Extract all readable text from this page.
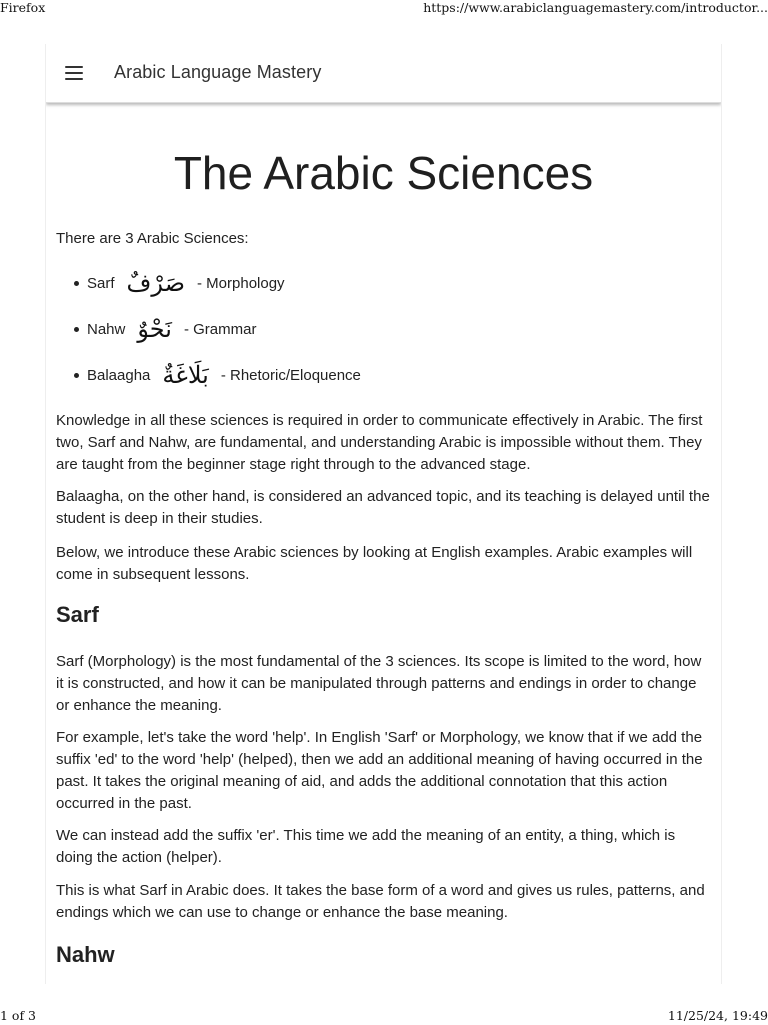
Firefox	https://www.arabiclanguagemastery.com/introductor...
Arabic Language Mastery
The Arabic Sciences

There are 3 Arabic Sciences:

Sarf صَرْفٌ - Morphology
Nahw نَحْوٌ - Grammar
Balaagha بَلَاغَةٌ - Rhetoric/Eloquence

Knowledge in all these sciences is required in order to communicate effectively in Arabic. The first two, Sarf and Nahw, are fundamental, and understanding Arabic is impossible without them. They are taught from the beginner stage right through to the advanced stage.

Balaagha, on the other hand, is considered an advanced topic, and its teaching is delayed until the student is deep in their studies.

Below, we introduce these Arabic sciences by looking at English examples. Arabic examples will come in subsequent lessons.

Sarf

Sarf (Morphology) is the most fundamental of the 3 sciences. Its scope is limited to the word, how it is constructed, and how it can be manipulated through patterns and endings in order to change or enhance the meaning.

For example, let's take the word 'help'. In English 'Sarf' or Morphology, we know that if we add the suffix 'ed' to the word 'help' (helped), then we add an additional meaning of having occurred in the past. It takes the original meaning of aid, and adds the additional connotation that this action occurred in the past.

We can instead add the suffix 'er'. This time we add the meaning of an entity, a thing, which is doing the action (helper).

This is what Sarf in Arabic does. It takes the base form of a word and gives us rules, patterns, and endings which we can use to change or enhance the base meaning.

Nahw
1 of 3	11/25/24, 19:49
